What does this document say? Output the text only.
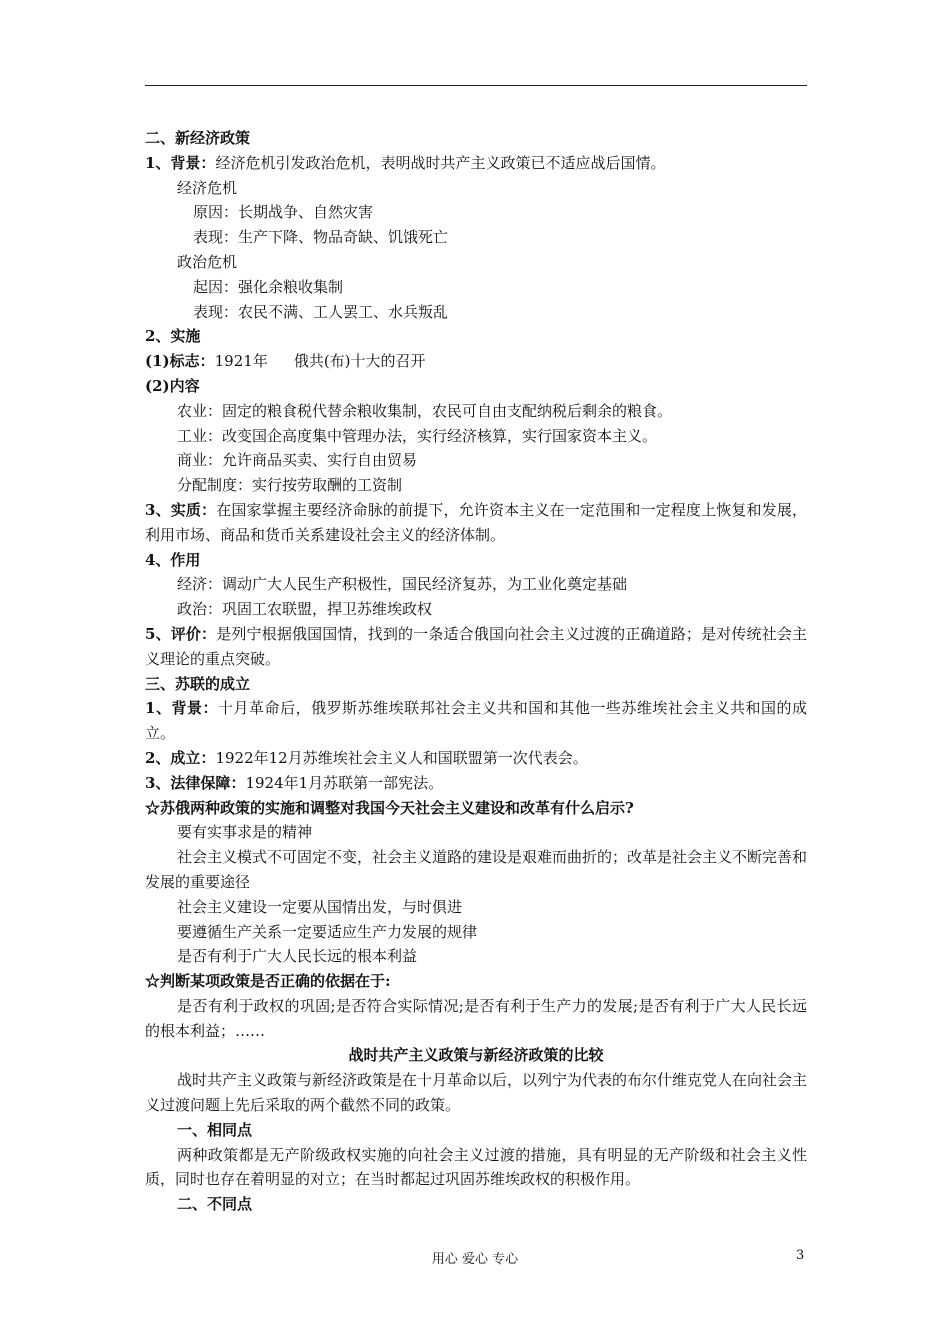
二、新经济政策
1、背景：经济危机引发政治危机，表明战时共产主义政策已不适应战后国情。
经济危机
原因：长期战争、自然灾害
表现：生产下降、物品奇缺、饥饿死亡
政治危机
起因：强化余粮收集制
表现：农民不满、工人罢工、水兵叛乱
2、实施
(1)标志：1921年 俄共(布)十大的召开
(2)内容
农业：固定的粮食税代替余粮收集制，农民可自由支配纳税后剩余的粮食。
工业：改变国企高度集中管理办法，实行经济核算，实行国家资本主义。
商业：允许商品买卖、实行自由贸易
分配制度：实行按劳取酬的工资制
3、实质：在国家掌握主要经济命脉的前提下，允许资本主义在一定范围和一定程度上恢复和发展，利用市场、商品和货币关系建设社会主义的经济体制。
4、作用
经济：调动广大人民生产积极性，国民经济复苏，为工业化奠定基础
政治：巩固工农联盟，捍卫苏维埃政权
5、评价：是列宁根据俄国国情，找到的一条适合俄国向社会主义过渡的正确道路；是对传统社会主义理论的重点突破。
三、苏联的成立
1、背景：十月革命后，俄罗斯苏维埃联邦社会主义共和国和其他一些苏维埃社会主义共和国的成立。
2、成立：1922年12月苏维埃社会主义人和国联盟第一次代表会。
3、法律保障：1924年1月苏联第一部宪法。
☆苏俄两种政策的实施和调整对我国今天社会主义建设和改革有什么启示?
要有实事求是的精神
社会主义模式不可固定不变，社会主义道路的建设是艰难而曲折的；改革是社会主义不断完善和发展的重要途径
社会主义建设一定要从国情出发，与时俱进
要遵循生产关系一定要适应生产力发展的规律
是否有利于广大人民长远的根本利益
☆判断某项政策是否正确的依据在于:
是否有利于政权的巩固;是否符合实际情况;是否有利于生产力的发展;是否有利于广大人民长远的根本利益；……
战时共产主义政策与新经济政策的比较
战时共产主义政策与新经济政策是在十月革命以后，以列宁为代表的布尔什维克党人在向社会主义过渡问题上先后采取的两个截然不同的政策。
一、相同点
两种政策都是无产阶级政权实施的向社会主义过渡的措施，具有明显的无产阶级和社会主义性质，同时也存在着明显的对立；在当时都起过巩固苏维埃政权的积极作用。
二、不同点
用心 爱心 专心	3
